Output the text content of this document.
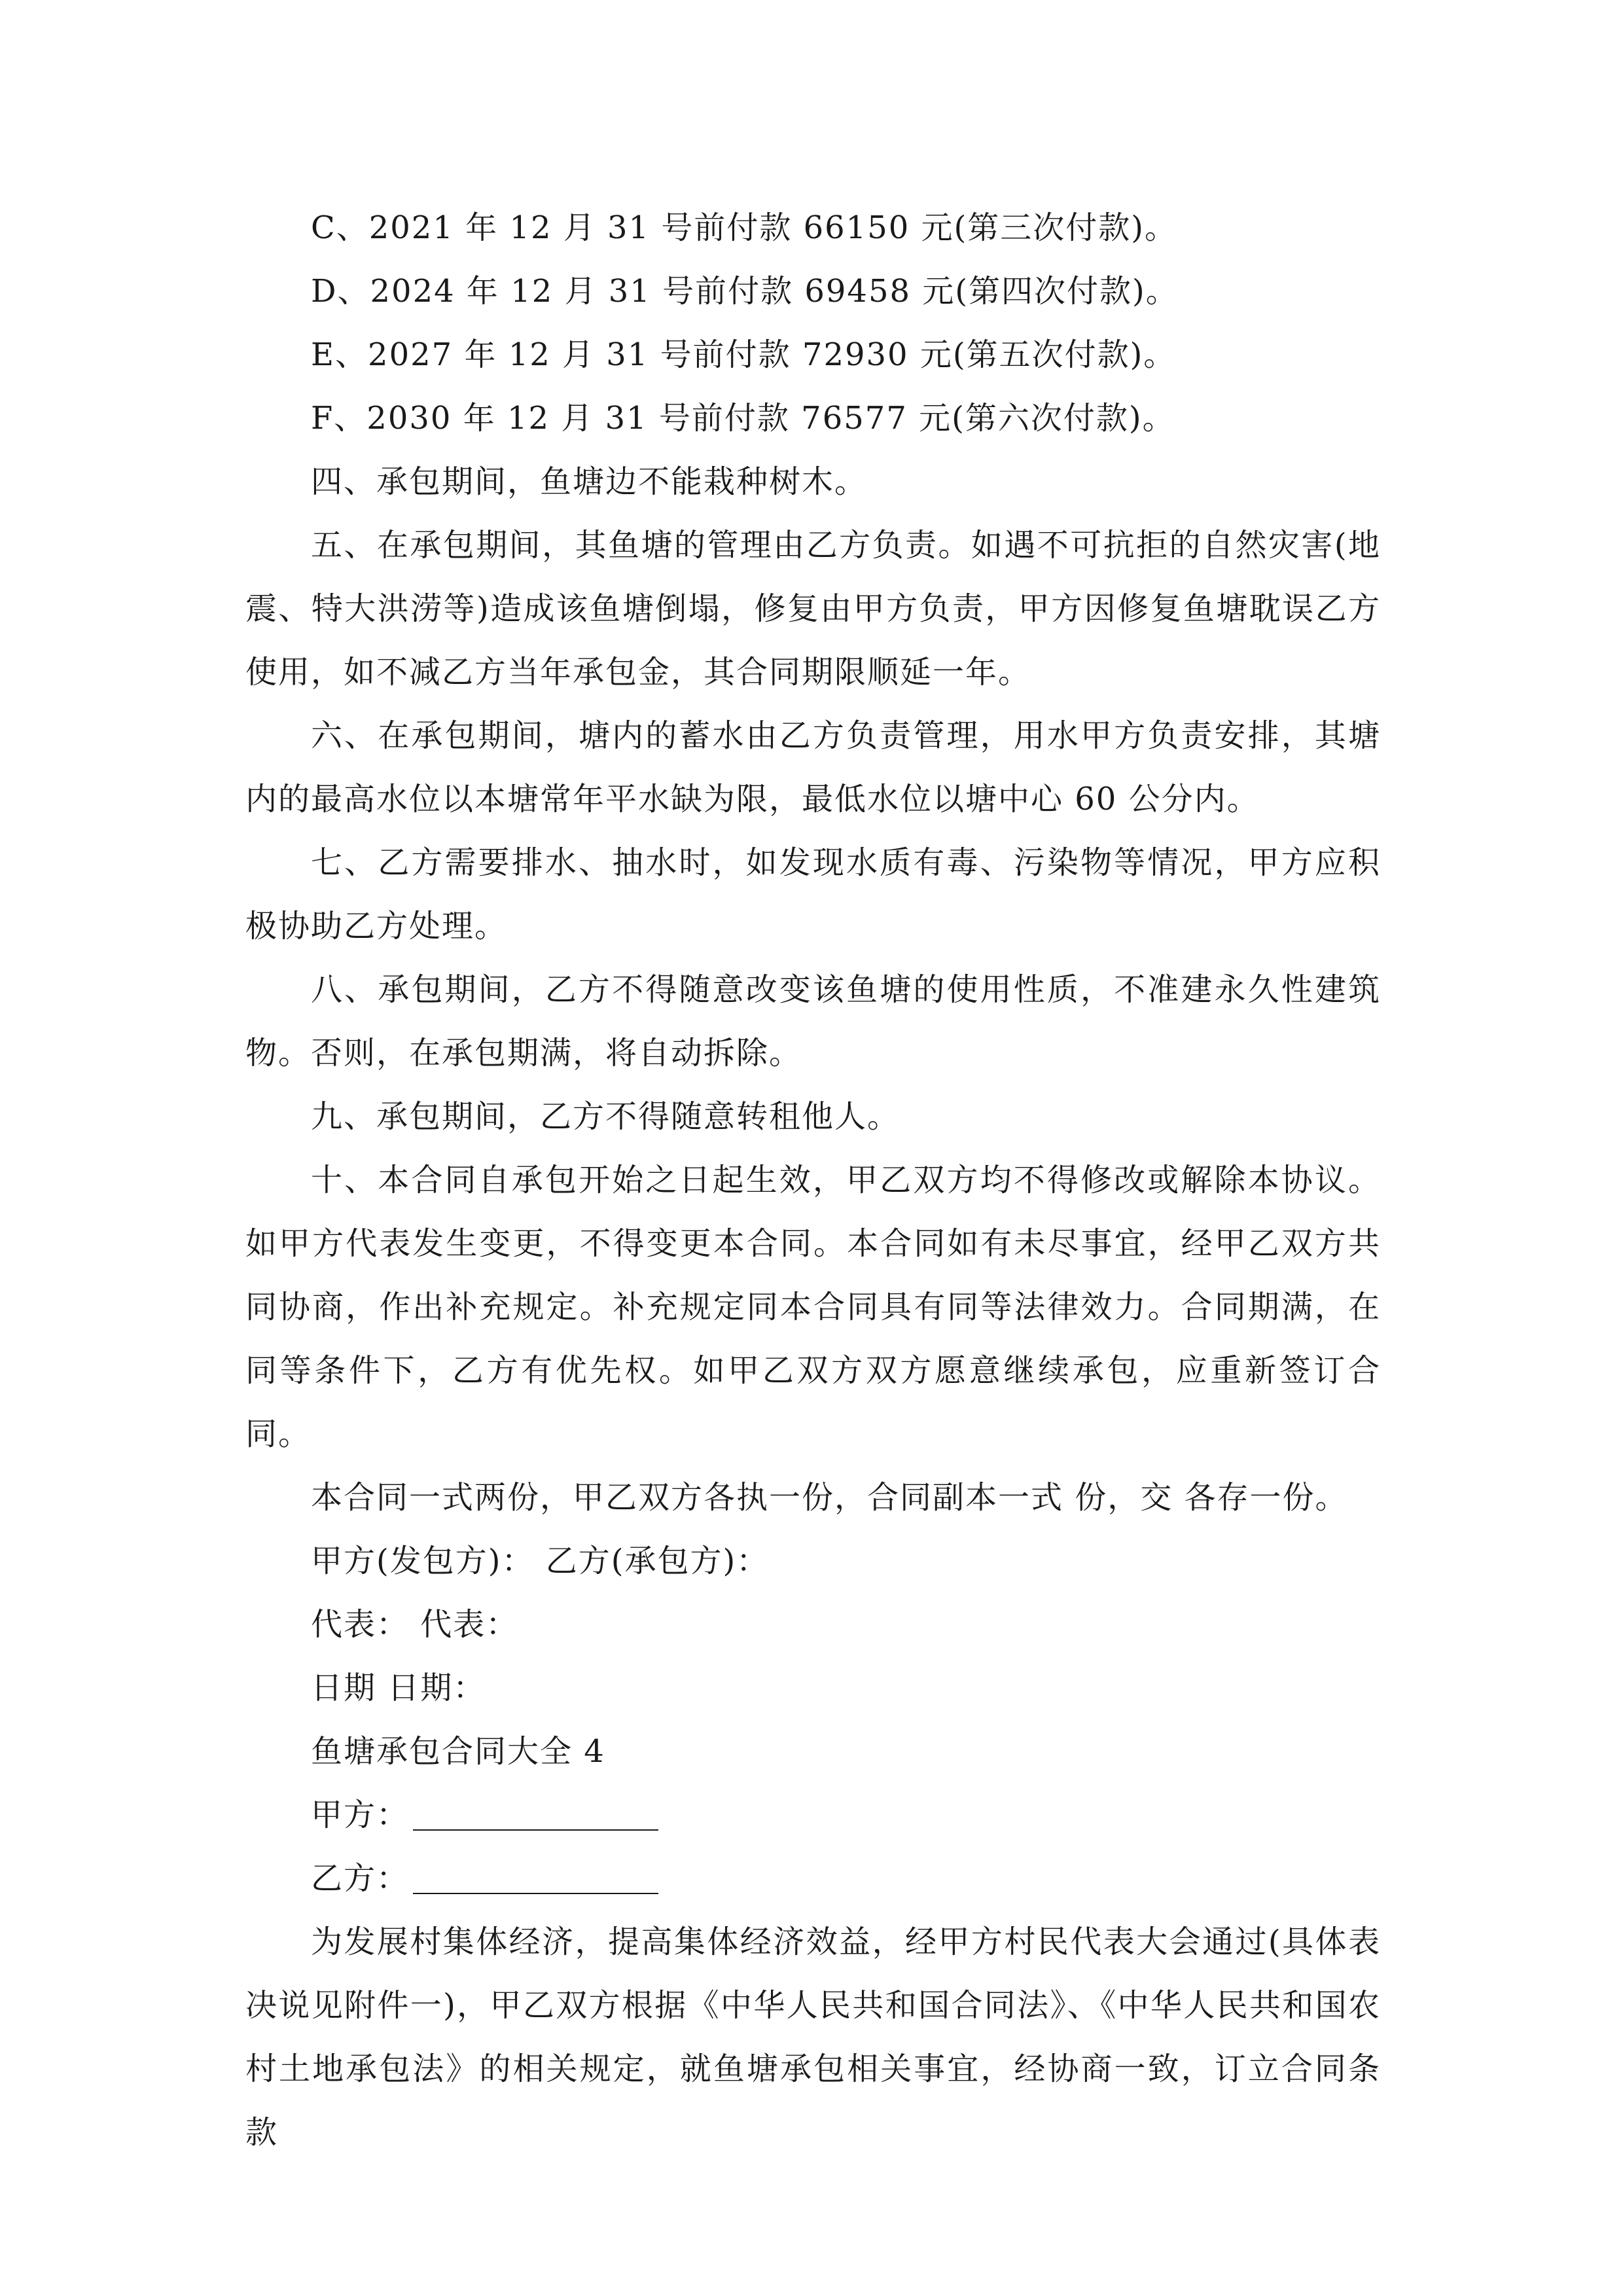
C、2021 年 12 月 31 号前付款 66150 元(第三次付款)。

D、2024 年 12 月 31 号前付款 69458 元(第四次付款)。

E、2027 年 12 月 31 号前付款 72930 元(第五次付款)。

F、2030 年 12 月 31 号前付款 76577 元(第六次付款)。

四、承包期间，鱼塘边不能栽种树木。

五、在承包期间，其鱼塘的管理由乙方负责。如遇不可抗拒的自然灾害(地震、特大洪涝等)造成该鱼塘倒塌，修复由甲方负责，甲方因修复鱼塘耽误乙方使用，如不减乙方当年承包金，其合同期限顺延一年。

六、在承包期间，塘内的蓄水由乙方负责管理，用水甲方负责安排，其塘内的最高水位以本塘常年平水缺为限，最低水位以塘中心 60 公分内。

七、乙方需要排水、抽水时，如发现水质有毒、污染物等情况，甲方应积极协助乙方处理。

八、承包期间，乙方不得随意改变该鱼塘的使用性质，不准建永久性建筑物。否则，在承包期满，将自动拆除。

九、承包期间，乙方不得随意转租他人。

十、本合同自承包开始之日起生效，甲乙双方均不得修改或解除本协议。如甲方代表发生变更，不得变更本合同。本合同如有未尽事宜，经甲乙双方共同协商，作出补充规定。补充规定同本合同具有同等法律效力。合同期满，在同等条件下，乙方有优先权。如甲乙双方双方愿意继续承包，应重新签订合同。

本合同一式两份，甲乙双方各执一份，合同副本一式 份，交 各存一份。

甲方(发包方)： 乙方(承包方)：

代表： 代表：

日期 日期：

鱼塘承包合同大全 4

甲方：

乙方：

为发展村集体经济，提高集体经济效益，经甲方村民代表大会通过(具体表决说见附件一)，甲乙双方根据《中华人民共和国合同法》、《中华人民共和国农村土地承包法》的相关规定，就鱼塘承包相关事宜，经协商一致，订立合同条款
